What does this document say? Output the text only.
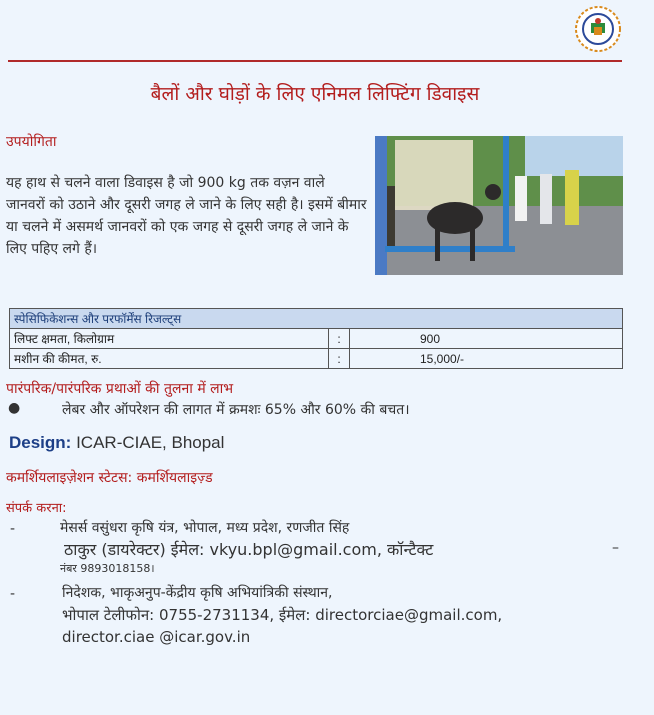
बैलों और घोड़ों के लिए एनिमल लिफ्टिंग डिवाइस
उपयोगिता
यह हाथ से चलने वाला डिवाइस है जो 900 kg तक वज़न वाले जानवरों को उठाने और दूसरी जगह ले जाने के लिए सही है। इसमें बीमार या चलने में असमर्थ जानवरों को एक जगह से दूसरी जगह ले जाने के लिए पहिए लगे हैं।
स्पेसिफिकेशन्स और परफॉर्मेंस रिजल्ट्स		
लिफ्ट क्षमता, किलोग्राम	:	900
मशीन की कीमत, रु.	:	15,000/-
पारंपरिक/पारंपरिक प्रथाओं की तुलना में लाभ
●	लेबर और ऑपरेशन की लागत में क्रमशः 65% और 60% की बचत।
Design: ICAR-CIAE, Bhopal
कमर्शियलाइज़ेशन स्टेटस: कमर्शियलाइज़्ड
संपर्क करना:
-	मेसर्स वसुंधरा कृषि यंत्र, भोपाल, मध्य प्रदेश, रणजीत सिंह
ठाकुर (डायरेक्टर) ईमेल: vkyu.bpl@gmail.com, कॉन्टैक्ट
नंबर 9893018158।
–
-	निदेशक, भाकृअनुप-केंद्रीय कृषि अभियांत्रिकी संस्थान,
भोपाल टेलीफोन: 0755-2731134, ईमेल: directorciae@gmail.com,
director.ciae @icar.gov.in
